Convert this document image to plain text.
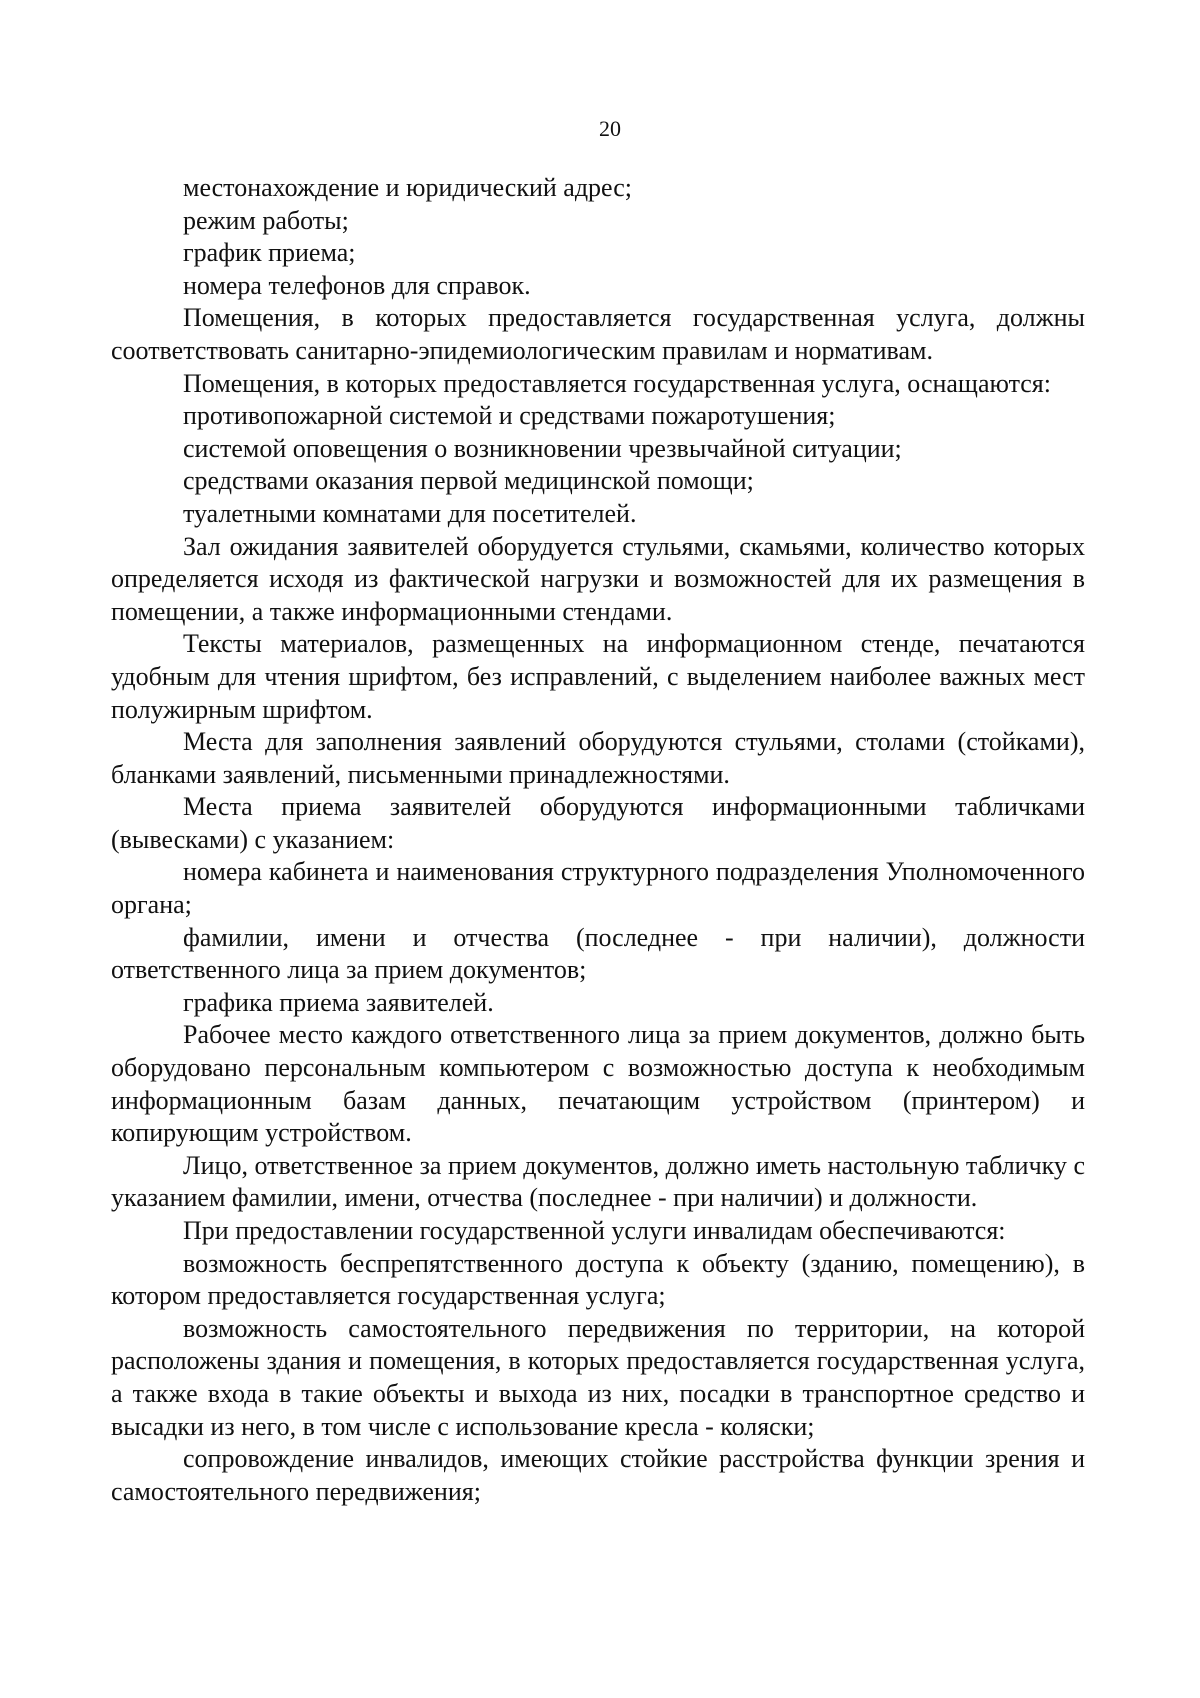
20

местонахождение и юридический адрес;

режим работы;

график приема;

номера телефонов для справок.

Помещения, в которых предоставляется государственная услуга, должны соответствовать санитарно-эпидемиологическим правилам и нормативам.

Помещения, в которых предоставляется государственная услуга, оснащаются:

противопожарной системой и средствами пожаротушения;

системой оповещения о возникновении чрезвычайной ситуации;

средствами оказания первой медицинской помощи;

туалетными комнатами для посетителей.

Зал ожидания заявителей оборудуется стульями, скамьями, количество которых определяется исходя из фактической нагрузки и возможностей для их размещения в помещении, а также информационными стендами.

Тексты материалов, размещенных на информационном стенде, печатаются удобным для чтения шрифтом, без исправлений, с выделением наиболее важных мест полужирным шрифтом.

Места для заполнения заявлений оборудуются стульями, столами (стойками), бланками заявлений, письменными принадлежностями.

Места приема заявителей оборудуются информационными табличками (вывесками) с указанием:

номера кабинета и наименования структурного подразделения Уполномоченного органа;

фамилии, имени и отчества (последнее - при наличии), должности ответственного лица за прием документов;

графика приема заявителей.

Рабочее место каждого ответственного лица за прием документов, должно быть оборудовано персональным компьютером с возможностью доступа к необходимым информационным базам данных, печатающим устройством (принтером) и копирующим устройством.

Лицо, ответственное за прием документов, должно иметь настольную табличку с указанием фамилии, имени, отчества (последнее - при наличии) и должности.

При предоставлении государственной услуги инвалидам обеспечиваются:

возможность беспрепятственного доступа к объекту (зданию, помещению), в котором предоставляется государственная услуга;

возможность самостоятельного передвижения по территории, на которой расположены здания и помещения, в которых предоставляется государственная услуга, а также входа в такие объекты и выхода из них, посадки в транспортное средство и высадки из него, в том числе с использование кресла - коляски;

сопровождение инвалидов, имеющих стойкие расстройства функции зрения и самостоятельного передвижения;
